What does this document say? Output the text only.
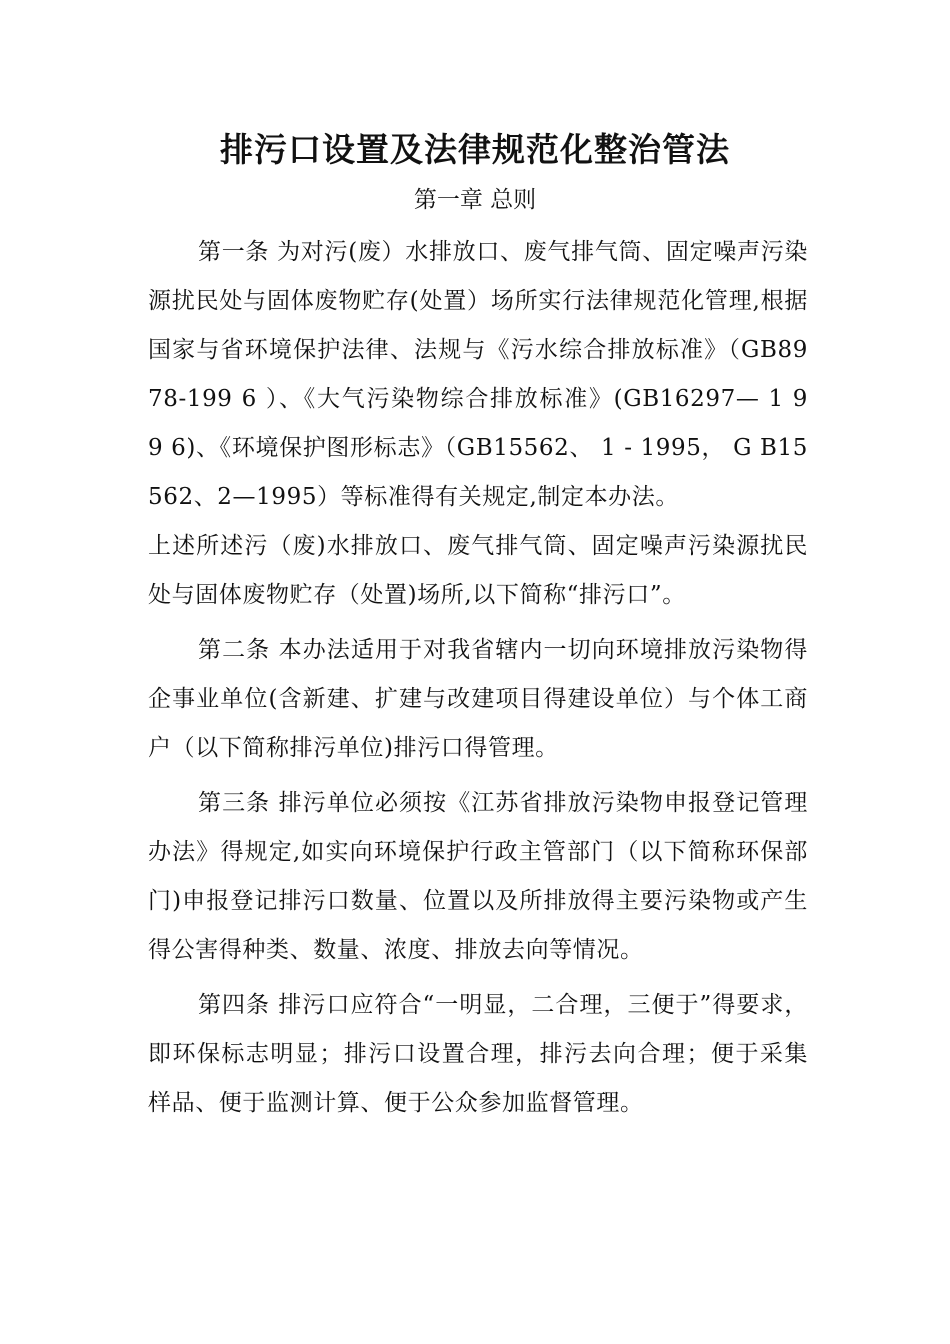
排污口设置及法律规范化整治管法
第一章 总则

第一条 为对污(废）水排放口、废气排气筒、固定噪声污染源扰民处与固体废物贮存(处置）场所实行法律规范化管理,根据国家与省环境保护法律、法规与《污水综合排放标准》（GB8978-199 6 ）、《大气污染物综合排放标准》(GB16297— 1 9 9 6)、《环境保护图形标志》（GB15562、 1 - 1995， G B15562、2—1995）等标准得有关规定,制定本办法。

上述所述污（废)水排放口、废气排气筒、固定噪声污染源扰民处与固体废物贮存（处置)场所,以下简称“排污口”。

第二条 本办法适用于对我省辖内一切向环境排放污染物得企事业单位(含新建、扩建与改建项目得建设单位）与个体工商户（以下简称排污单位)排污口得管理。

第三条 排污单位必须按《江苏省排放污染物申报登记管理办法》得规定,如实向环境保护行政主管部门（以下简称环保部门)申报登记排污口数量、位置以及所排放得主要污染物或产生得公害得种类、数量、浓度、排放去向等情况。

第四条 排污口应符合“一明显，二合理，三便于”得要求，即环保标志明显；排污口设置合理，排污去向合理；便于采集样品、便于监测计算、便于公众参加监督管理。
